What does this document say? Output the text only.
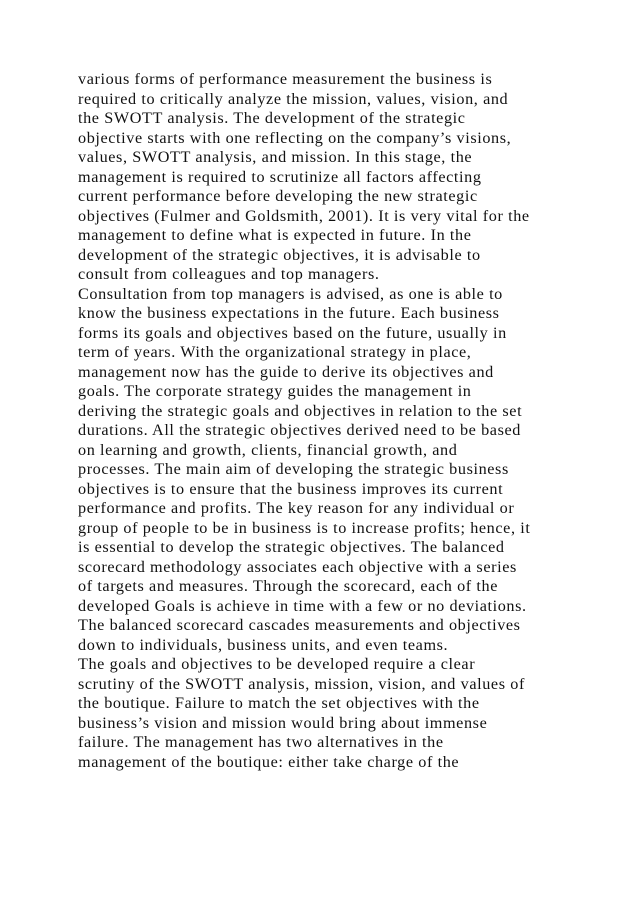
various forms of performance measurement the business is
required to critically analyze the mission, values, vision, and
the SWOTT analysis. The development of the strategic
objective starts with one reflecting on the company’s visions,
values, SWOTT analysis, and mission. In this stage, the
management is required to scrutinize all factors affecting
current performance before developing the new strategic
objectives (Fulmer and Goldsmith, 2001). It is very vital for the
management to define what is expected in future. In the
development of the strategic objectives, it is advisable to
consult from colleagues and top managers.
Consultation from top managers is advised, as one is able to
know the business expectations in the future. Each business
forms its goals and objectives based on the future, usually in
term of years. With the organizational strategy in place,
management now has the guide to derive its objectives and
goals. The corporate strategy guides the management in
deriving the strategic goals and objectives in relation to the set
durations. All the strategic objectives derived need to be based
on learning and growth, clients, financial growth, and
processes. The main aim of developing the strategic business
objectives is to ensure that the business improves its current
performance and profits. The key reason for any individual or
group of people to be in business is to increase profits; hence, it
is essential to develop the strategic objectives. The balanced
scorecard methodology associates each objective with a series
of targets and measures. Through the scorecard, each of the
developed Goals is achieve in time with a few or no deviations.
The balanced scorecard cascades measurements and objectives
down to individuals, business units, and even teams.
The goals and objectives to be developed require a clear
scrutiny of the SWOTT analysis, mission, vision, and values of
the boutique. Failure to match the set objectives with the
business’s vision and mission would bring about immense
failure. The management has two alternatives in the
management of the boutique: either take charge of the
